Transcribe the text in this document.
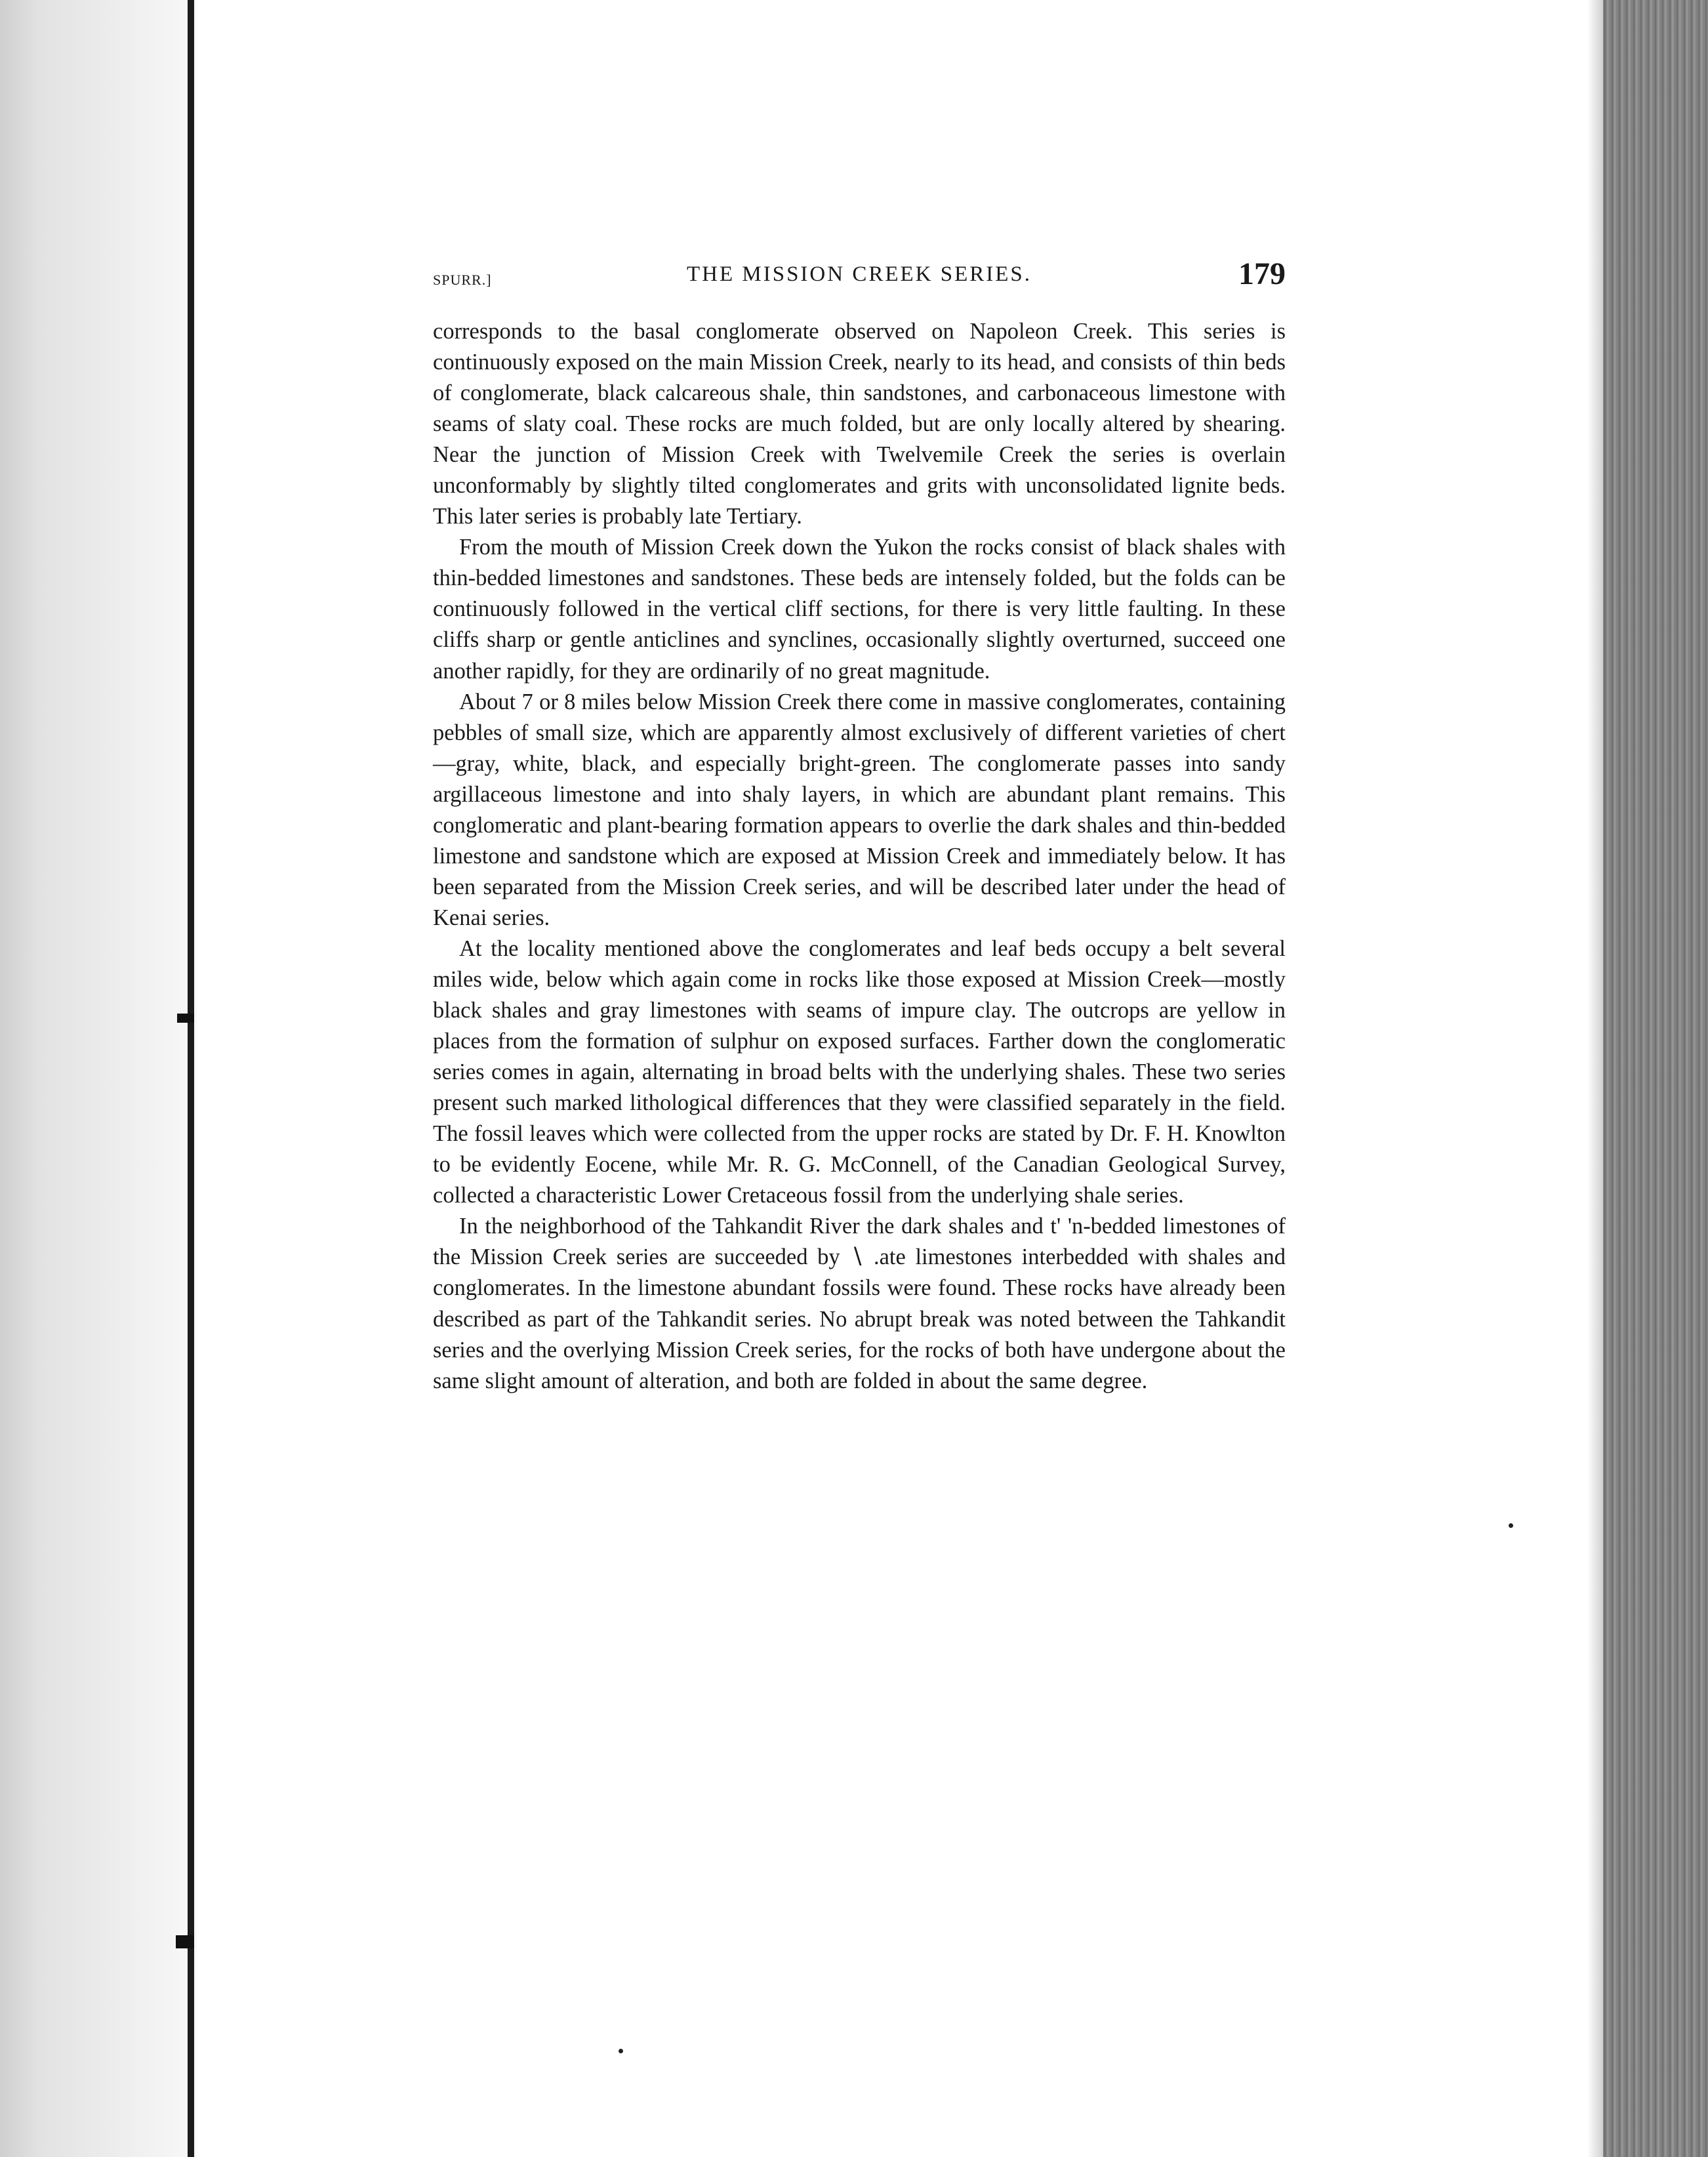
SPURR.]	THE MISSION CREEK SERIES.	179

corresponds to the basal conglomerate observed on Napoleon Creek. This series is continuously exposed on the main Mission Creek, nearly to its head, and consists of thin beds of conglomerate, black calcareous shale, thin sandstones, and carbonaceous limestone with seams of slaty coal. These rocks are much folded, but are only locally altered by shearing. Near the junction of Mission Creek with Twelvemile Creek the series is overlain unconformably by slightly tilted conglomerates and grits with unconsolidated lignite beds. This later series is probably late Tertiary.

From the mouth of Mission Creek down the Yukon the rocks consist of black shales with thin-bedded limestones and sandstones. These beds are intensely folded, but the folds can be continuously followed in the vertical cliff sections, for there is very little faulting. In these cliffs sharp or gentle anticlines and synclines, occasionally slightly overturned, succeed one another rapidly, for they are ordinarily of no great magnitude.

About 7 or 8 miles below Mission Creek there come in massive conglomerates, containing pebbles of small size, which are apparently almost exclusively of different varieties of chert—gray, white, black, and especially bright-green. The conglomerate passes into sandy argillaceous limestone and into shaly layers, in which are abundant plant remains. This conglomeratic and plant-bearing formation appears to overlie the dark shales and thin-bedded limestone and sandstone which are exposed at Mission Creek and immediately below. It has been separated from the Mission Creek series, and will be described later under the head of Kenai series.

At the locality mentioned above the conglomerates and leaf beds occupy a belt several miles wide, below which again come in rocks like those exposed at Mission Creek—mostly black shales and gray limestones with seams of impure clay. The outcrops are yellow in places from the formation of sulphur on exposed surfaces. Farther down the conglomeratic series comes in again, alternating in broad belts with the underlying shales. These two series present such marked lithological differences that they were classified separately in the field. The fossil leaves which were collected from the upper rocks are stated by Dr. F. H. Knowlton to be evidently Eocene, while Mr. R. G. McConnell, of the Canadian Geological Survey, collected a characteristic Lower Cretaceous fossil from the underlying shale series.

In the neighborhood of the Tahkandit River the dark shales and t' 'n-bedded limestones of the Mission Creek series are succeeded by ∖ .ate limestones interbedded with shales and conglomerates. In the limestone abundant fossils were found. These rocks have already been described as part of the Tahkandit series. No abrupt break was noted between the Tahkandit series and the overlying Mission Creek series, for the rocks of both have undergone about the same slight amount of alteration, and both are folded in about the same degree.
